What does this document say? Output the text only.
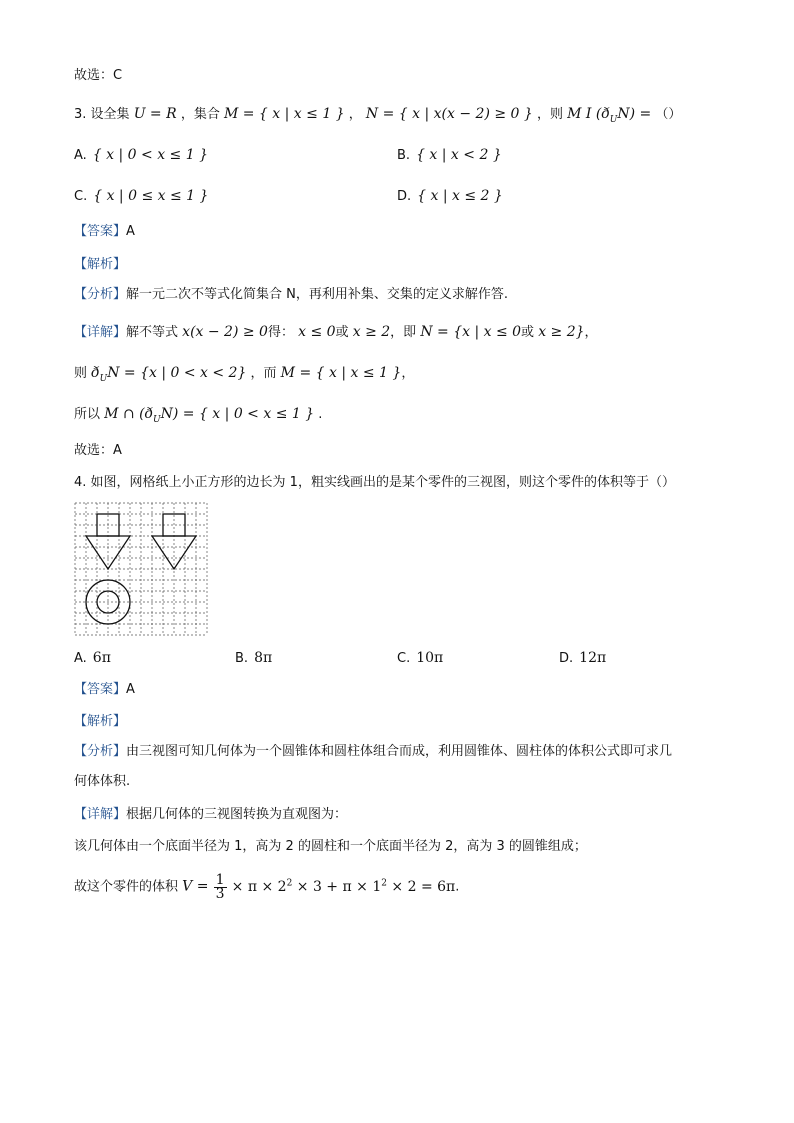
故选：C
3. 设全集 U = R ，集合 M = { x | x ≤ 1 } ， N = { x | x(x − 2) ≥ 0 } ，则 M I $(ð_UN)$ = （）
A. { x | 0 < x ≤ 1 }	B. { x | x < 2 }
C. { x | 0 ≤ x ≤ 1 }	D. { x | x ≤ 2 }
【答案】A
【解析】
【分析】解一元二次不等式化简集合 N，再利用补集、交集的定义求解作答.
【详解】解不等式 x(x − 2) ≥ 0得： x ≤ 0或 x ≥ 2，即 N = {x | x ≤ 0或 x ≥ 2}，
则 $ð_UN = \{x$ | 0 < x < 2} ，而 M = { x | x ≤ 1 }，
所以 M ∩ $(ð_UN)$ = { x | 0 < x ≤ 1 } .
故选：A
4. 如图，网格纸上小正方形的边长为 1，粗实线画出的是某个零件的三视图，则这个零件的体积等于（）
A. 6π	B. 8π	C. 10π	D. 12π
【答案】A
【解析】
【分析】由三视图可知几何体为一个圆锥体和圆柱体组合而成，利用圆锥体、圆柱体的体积公式即可求几
何体体积.
【详解】根据几何体的三视图转换为直观图为：
该几何体由一个底面半径为 1，高为 2 的圆柱和一个底面半径为 2，高为 3 的圆锥组成；
故这个零件的体积 $V = \frac{1}{3} \times \pi \times 2^2 \times 3 + \pi \times 1^2 \times 2 = 6\pi$.
